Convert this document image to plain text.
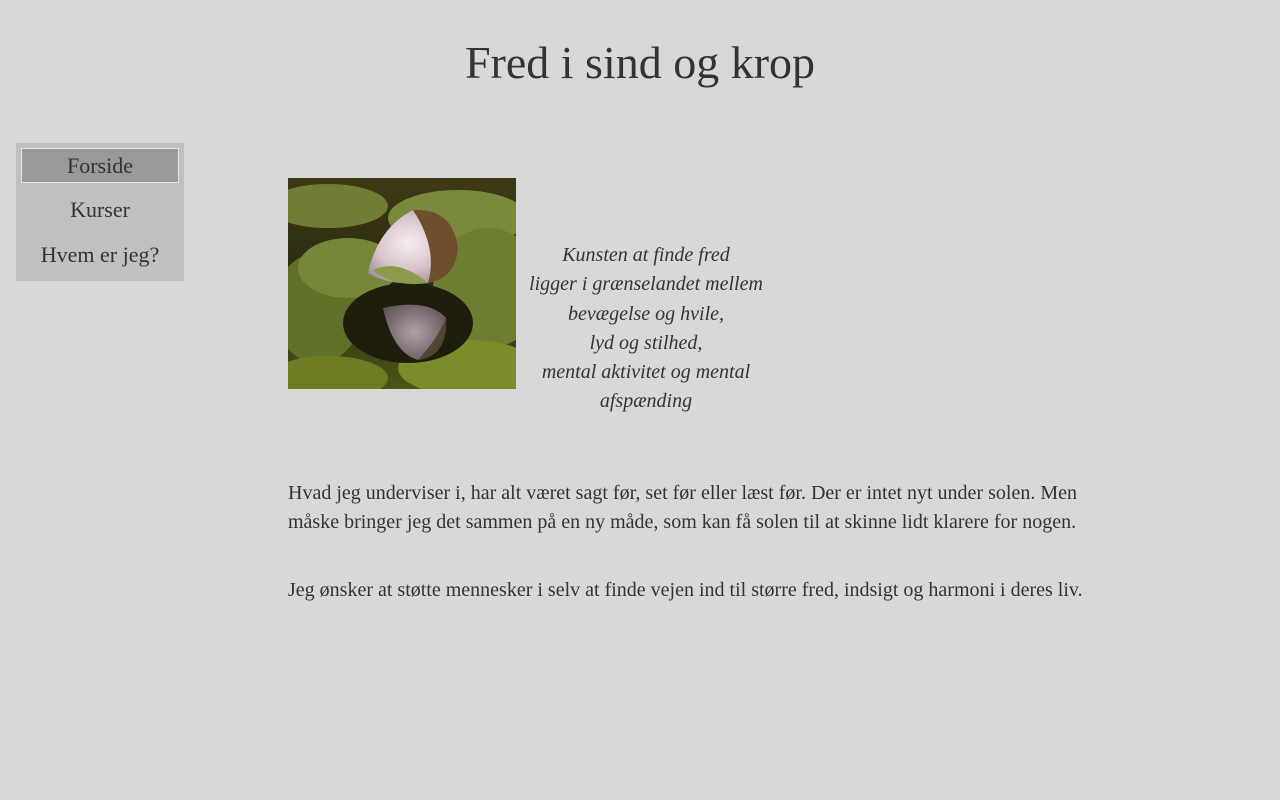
Fred i sind og krop
Forside
Kurser
Hvem er jeg?	Kunsten at finde fred
ligger i grænselandet mellem
bevægelse og hvile,
lyd og stilhed,
mental aktivitet og mental
afspænding

Hvad jeg underviser i, har alt været sagt før, set før eller læst før. Der er intet nyt under solen. Men måske bringer jeg det sammen på en ny måde, som kan få solen til at skinne lidt klarere for nogen.

Jeg ønsker at støtte mennesker i selv at finde vejen ind til større fred, indsigt og harmoni i deres liv.
